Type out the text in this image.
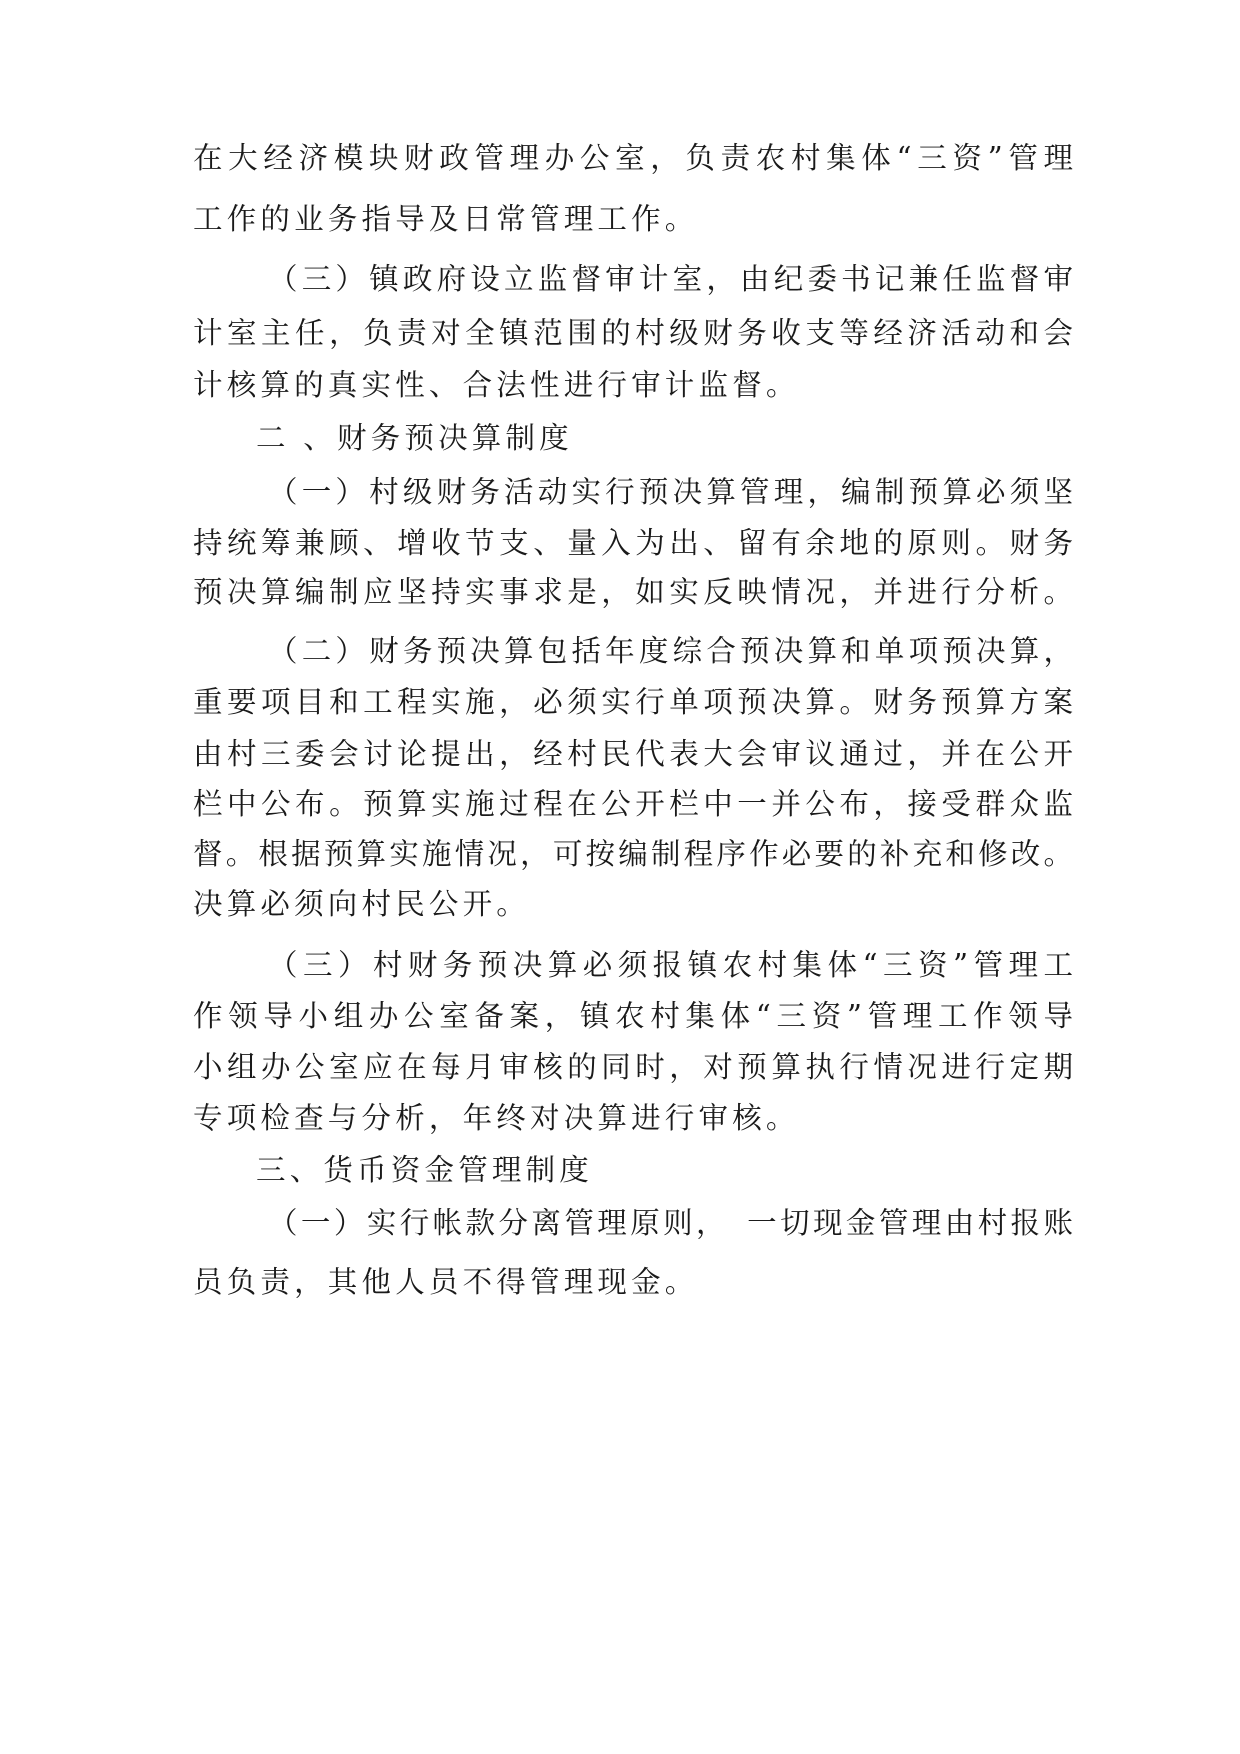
在大经济模块财政管理办公室，负责农村集体“三资”管理

工作的业务指导及日常管理工作。

（三）镇政府设立监督审计室，由纪委书记兼任监督审

计室主任，负责对全镇范围的村级财务收支等经济活动和会

计核算的真实性、合法性进行审计监督。

二 、财务预决算制度

（一）村级财务活动实行预决算管理，编制预算必须坚

持统筹兼顾、增收节支、量入为出、留有余地的原则。财务

预决算编制应坚持实事求是，如实反映情况，并进行分析。

（二）财务预决算包括年度综合预决算和单项预决算，

重要项目和工程实施，必须实行单项预决算。财务预算方案

由村三委会讨论提出，经村民代表大会审议通过，并在公开

栏中公布。预算实施过程在公开栏中一并公布，接受群众监

督。根据预算实施情况，可按编制程序作必要的补充和修改。

决算必须向村民公开。

（三）村财务预决算必须报镇农村集体“三资”管理工

作领导小组办公室备案，镇农村集体“三资”管理工作领导

小组办公室应在每月审核的同时，对预算执行情况进行定期

专项检查与分析，年终对决算进行审核。

三、货币资金管理制度

（一）实行帐款分离管理原则，　一切现金管理由村报账

员负责，其他人员不得管理现金。
